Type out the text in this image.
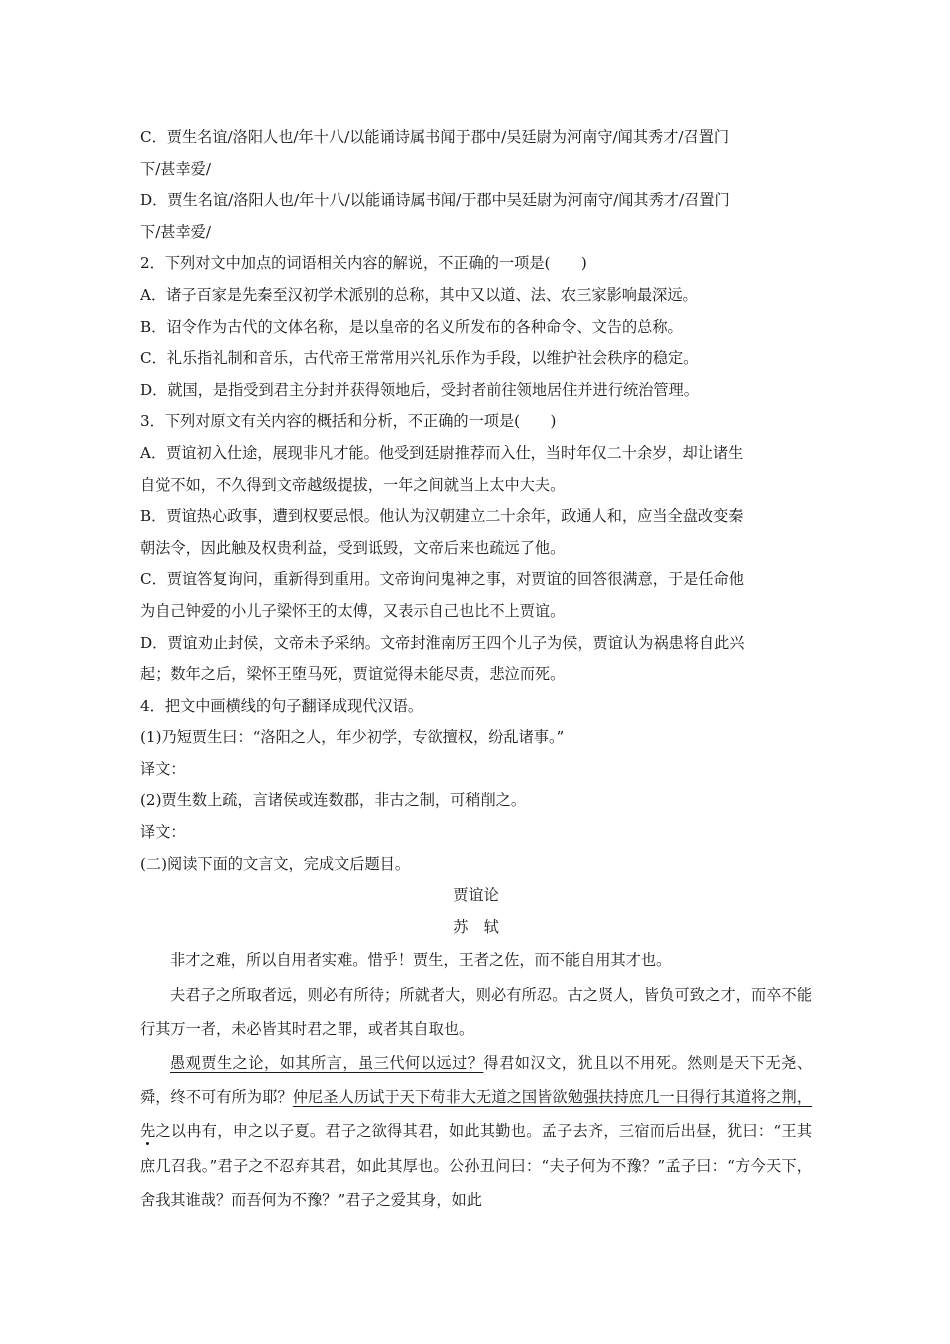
C．贾生名谊/洛阳人也/年十八/以能诵诗属书闻于郡中/吴廷尉为河南守/闻其秀才/召置门

下/甚幸爱/

D．贾生名谊/洛阳人也/年十八/以能诵诗属书闻/于郡中吴廷尉为河南守/闻其秀才/召置门

下/甚幸爱/

2．下列对文中加点的词语相关内容的解说，不正确的一项是(　　)

A．诸子百家是先秦至汉初学术派别的总称，其中又以道、法、农三家影响最深远。

B．诏令作为古代的文体名称，是以皇帝的名义所发布的各种命令、文告的总称。

C．礼乐指礼制和音乐，古代帝王常常用兴礼乐作为手段，以维护社会秩序的稳定。

D．就国，是指受到君主分封并获得领地后，受封者前往领地居住并进行统治管理。

3．下列对原文有关内容的概括和分析，不正确的一项是(　　)

A．贾谊初入仕途，展现非凡才能。他受到廷尉推荐而入仕，当时年仅二十余岁，却让诸生

自觉不如，不久得到文帝越级提拔，一年之间就当上太中大夫。

B．贾谊热心政事，遭到权要忌恨。他认为汉朝建立二十余年，政通人和，应当全盘改变秦

朝法令，因此触及权贵利益，受到诋毁，文帝后来也疏远了他。

C．贾谊答复询问，重新得到重用。文帝询问鬼神之事，对贾谊的回答很满意，于是任命他

为自己钟爱的小儿子梁怀王的太傅，又表示自己也比不上贾谊。

D．贾谊劝止封侯，文帝未予采纳。文帝封淮南厉王四个儿子为侯，贾谊认为祸患将自此兴

起；数年之后，梁怀王堕马死，贾谊觉得未能尽责，悲泣而死。

4．把文中画横线的句子翻译成现代汉语。

(1)乃短贾生曰：“洛阳之人，年少初学，专欲擅权，纷乱诸事。”

译文：

(2)贾生数上疏，言诸侯或连数郡，非古之制，可稍削之。

译文：

(二)阅读下面的文言文，完成文后题目。

贾谊论

苏　轼

非才之难，所以自用者实难。惜乎！贾生，王者之佐，而不能自用其才也。

夫君子之所取者远，则必有所待；所就者大，则必有所忍。古之贤人，皆负可致之才，而卒不能行其万一者，未必皆其时君之罪，或者其自取也。

愚观贾生之论，如其所言，虽三代何以远过？得君如汉文，犹且以不用死。然则是天下无尧、舜，终不可有所为耶？仲尼圣人历试于天下苟非大无道之国皆欲勉强扶持庶几一日得行其道将之荆，先之以冉有，申之以子夏。君子之欲得其君，如此其勤也。孟子去齐，三宿而后出昼，犹曰：“王其庶几召我。”君子之不忍弃其君，如此其厚也。公孙丑问曰：“夫子何为不豫？”孟子曰：“方今天下，舍我其谁哉？而吾何为不豫？”君子之爱其身，如此
